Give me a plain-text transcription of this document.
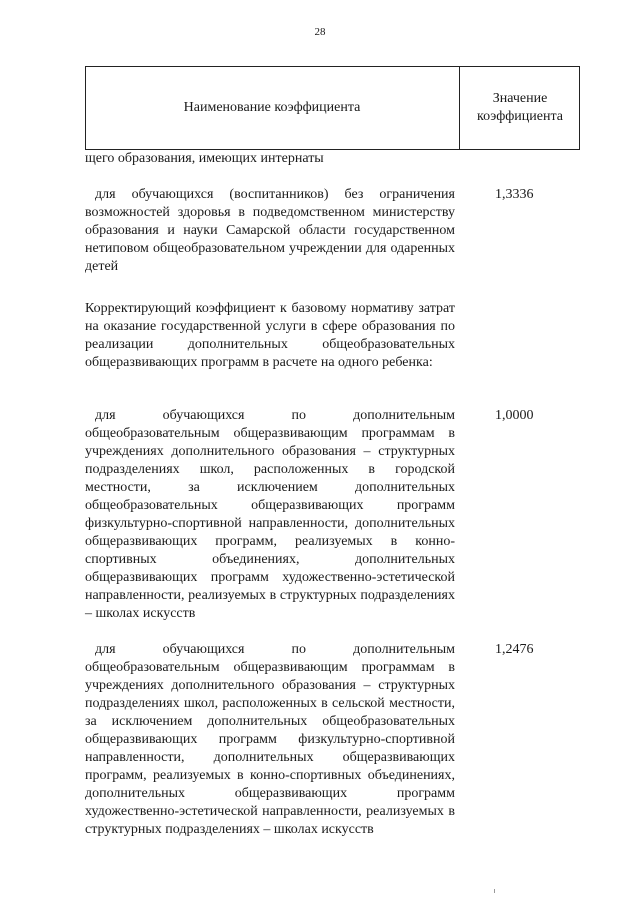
28
Наименование коэффициента
Значение
коэффициента
щего образования, имеющих интернаты
для обучающихся (воспитанников) без ограничения возможностей здоровья в подведомственном министерству образования и науки Самарской области государственном нетиповом общеобразовательном учреждении для одаренных детей
1,3336
Корректирующий коэффициент к базовому нормативу затрат на оказание государственной услуги в сфере образования по реализации дополнительных общеобразовательных общеразвивающих программ в расчете на одного ребенка:
для обучающихся по дополнительным общеобразовательным общеразвивающим программам в учреждениях дополнительного образования – структурных подразделениях школ, расположенных в городской местности, за исключением дополнительных общеобразовательных общеразвивающих программ физкультурно-спортивной направленности, дополнительных общеразвивающих программ, реализуемых в конно-спортивных объединениях, дополнительных общеразвивающих программ художественно-эстетической направленности, реализуемых в структурных подразделениях – школах искусств
1,0000
для обучающихся по дополнительным общеобразовательным общеразвивающим программам в учреждениях дополнительного образования – структурных подразделениях школ, расположенных в сельской местности, за исключением дополнительных общеобразовательных общеразвивающих программ физкультурно-спортивной направленности, дополнительных общеразвивающих программ, реализуемых в конно-спортивных объединениях, дополнительных общеразвивающих программ художественно-эстетической направленности, реализуемых в структурных подразделениях – школах искусств
1,2476
